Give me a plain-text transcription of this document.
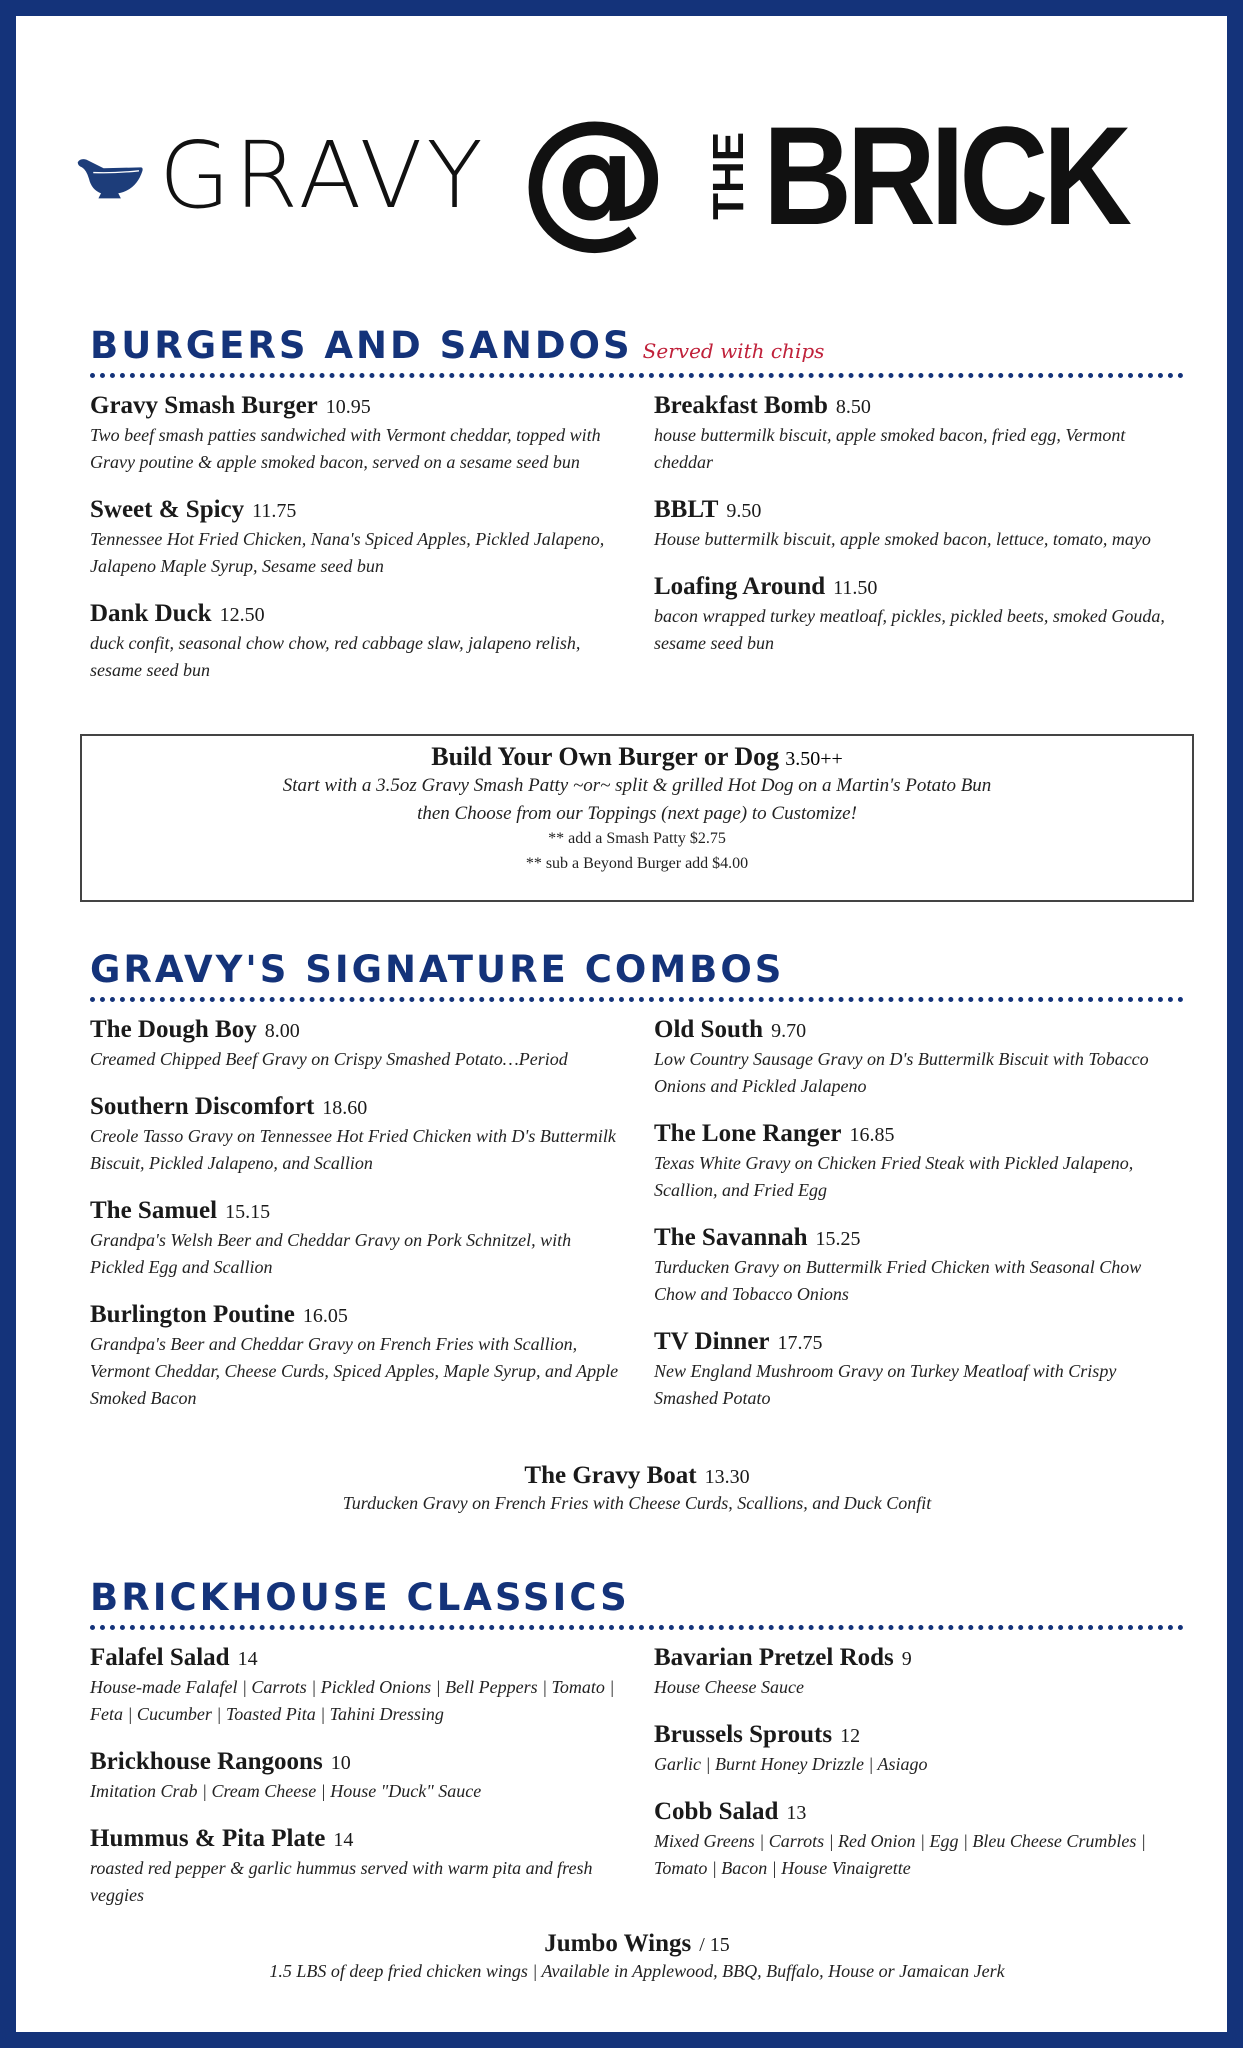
GRAVY @ THE BRICK
BURGERS AND SANDOS Served with chips
Gravy Smash Burger 10.95
Two beef smash patties sandwiched with Vermont cheddar, topped with Gravy poutine & apple smoked bacon, served on a sesame seed bun
Sweet & Spicy 11.75
Tennessee Hot Fried Chicken, Nana's Spiced Apples, Pickled Jalapeno, Jalapeno Maple Syrup, Sesame seed bun
Dank Duck 12.50
duck confit, seasonal chow chow, red cabbage slaw, jalapeno relish, sesame seed bun
Breakfast Bomb 8.50
house buttermilk biscuit, apple smoked bacon, fried egg, Vermont cheddar
BBLT 9.50
House buttermilk biscuit, apple smoked bacon, lettuce, tomato, mayo
Loafing Around 11.50
bacon wrapped turkey meatloaf, pickles, pickled beets, smoked Gouda, sesame seed bun
Build Your Own Burger or Dog 3.50++
Start with a 3.5oz Gravy Smash Patty ~or~ split & grilled Hot Dog on a Martin's Potato Bun
then Choose from our Toppings (next page) to Customize!
** add a Smash Patty $2.75
** sub a Beyond Burger add $4.00
GRAVY'S SIGNATURE COMBOS
The Dough Boy 8.00
Creamed Chipped Beef Gravy on Crispy Smashed Potato…Period
Southern Discomfort 18.60
Creole Tasso Gravy on Tennessee Hot Fried Chicken with D's Buttermilk Biscuit, Pickled Jalapeno, and Scallion
The Samuel 15.15
Grandpa's Welsh Beer and Cheddar Gravy on Pork Schnitzel, with Pickled Egg and Scallion
Burlington Poutine 16.05
Grandpa's Beer and Cheddar Gravy on French Fries with Scallion, Vermont Cheddar, Cheese Curds, Spiced Apples, Maple Syrup, and Apple Smoked Bacon
Old South 9.70
Low Country Sausage Gravy on D's Buttermilk Biscuit with Tobacco Onions and Pickled Jalapeno
The Lone Ranger 16.85
Texas White Gravy on Chicken Fried Steak with Pickled Jalapeno, Scallion, and Fried Egg
The Savannah 15.25
Turducken Gravy on Buttermilk Fried Chicken with Seasonal Chow Chow and Tobacco Onions
TV Dinner 17.75
New England Mushroom Gravy on Turkey Meatloaf with Crispy Smashed Potato
The Gravy Boat 13.30
Turducken Gravy on French Fries with Cheese Curds, Scallions, and Duck Confit
BRICKHOUSE CLASSICS
Falafel Salad 14
House-made Falafel | Carrots | Pickled Onions | Bell Peppers | Tomato | Feta | Cucumber | Toasted Pita | Tahini Dressing
Brickhouse Rangoons 10
Imitation Crab | Cream Cheese | House "Duck" Sauce
Hummus & Pita Plate 14
roasted red pepper & garlic hummus served with warm pita and fresh veggies
Bavarian Pretzel Rods 9
House Cheese Sauce
Brussels Sprouts 12
Garlic | Burnt Honey Drizzle | Asiago
Cobb Salad 13
Mixed Greens | Carrots | Red Onion | Egg | Bleu Cheese Crumbles | Tomato | Bacon | House Vinaigrette
Jumbo Wings / 15
1.5 LBS of deep fried chicken wings | Available in Applewood, BBQ, Buffalo, House or Jamaican Jerk
